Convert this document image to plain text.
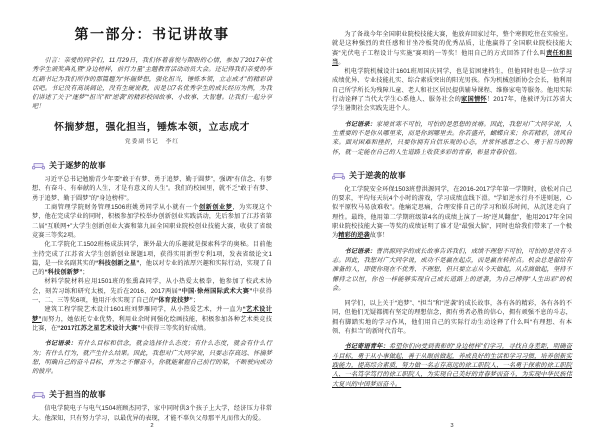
第一部分：书记讲故事
引言：亲爱的同学们，11月29日，我们怀着喜悦与期盼的心情，参加了2017年优秀学生颁奖典礼暨“身边榜样，前行力量”主题教育活动动员大会。还记得我们亲爱的李红副书记为我们所作的那篇题为“怀揣梦想，强化担当，锤炼本领，立志成才”的精彩讲话吧。书记没有高谈阔论，没有生硬说教，而是以7名优秀学生的成长经历为例，为我们讲述了关于“逐梦”“担当”和“逆袭”的精彩校园故事、小故事、大智慧。让我们一起分享吧！
怀揣梦想，强化担当，锤炼本领，立志成才
党委副书记　李红
关于逐梦的故事
习近平总书记勉励青少年要“敢于有梦、勇于追梦、勤于圆梦”，强调“有信念、有梦想、有奋斗、有奉献的人生，才是有意义的人生”。我们的校园里，就不乏“敢于有梦、勇于追梦、勤于圆梦”的“身边榜样”。
工商管理学院财务管理1506班姚勇同学从小就有一个创新创业梦，为实现这个梦，他在完成学业的同时，积极参加学校举办创新创业实践活动，先后参加了江苏省第二届“互联网+”大学生创新创业大赛和第九届全国职业院校创业技能大赛，收获了省级竞赛三等奖2项。
化工学院化工1502班杨成法同学，课外最大的乐趣就是探索科学的奥秘。目前他主持完成了江苏省大学生创新创业课题1项，获得实用新型专利1项，发表省级论文1篇，是一位名副其实的“科技创新之星”，他以对专业的浓厚兴趣和实际行动，实现了自己的“科技创新梦”；
材料学院材料应用1501班的张熏森同学，从小热爱太极拳，他参加了校武术协会，刻苦习练和研究太极，先后在2016、2017两届“中国·徐州国际武术大赛”中获得一、二、三等奖6项，他用汗水实现了自己的“体育竞技梦”；
建筑工程学院艺术设计1601班刘梦雁同学，从小热爱艺术，并一直为“艺术设计梦”而努力，她依托专业优势，利用业余时间强化绘画技能，积极参加各种艺术类竞技比赛，在“2017江苏之星艺术设计大赛”中获得三等奖的好成绩。
书记语录：有什么目标和信念，就会选择什么态度；有什么态度，就会有什么行为；有什么行为，就产生什么结果。因此，我想对广大同学说，只要志存高远、怀揣梦想，明确自己的奋斗目标，并为之不懈奋斗，你就能紧握自己前行的桨，不断驶向成功的彼岸。
关于担当的故事
信电学院电子与电气1504班顾杰同学，家中同时供3个孩子上大学，经济压力非常大。他深知，只有努力学习，以最优异的表现，才能不辜负父母那平凡而伟大的爱。
2
为了备战今年全国职业院校技能大赛，他放弃回家过年，整个寒假吃住在实验室。就是这种强烈的责任感和甘坐冷板凳的优秀品质，让他赢得了全国职业院校技能大赛“光伏电子工程设计与实施”赛项的一等奖！他用自己的方式回答了什么叫责任和担当。
机电学院机械设计1601班周国庆同学，也是贫困建档生，但他同时也是一位学习成绩优异、专业技能扎实、综合素质突出的阳光男孩。作为机械创新协会会长，他利用自己所学所长为残障儿童、老人和社区居民提供辅导课程、维修家电等服务。他用实际行动诠释了当代大学生心系他人、服务社会的家国情怀！2017年，他被评为江苏省大学生暑期社会实践先进个人。
书记语录：家境贫寒不可怕，可怕的是思想的贫瘠。因此，我想对广大同学说，人生重要的不是你从哪里来，而是你到哪里去。你若盛开，蝴蝶自来；你若精彩，清风自来。面对困难和挫折，只要你拥有自信乐观的心态，并常怀感恩之心、勇于担当的胸怀，就一定能在自己的人生道路上收获多彩的青春，彰显青春价值。
关于逆袭的故事
化工学院安全环保1503班曹洪源同学，在2016-2017学年第一学期时，放松对自己的要求，平均每天玩4个小时的游戏，学习成绩直线下滑。“学如逆水行舟不进则退，心似平原牧马易放难收”。他痛定思痛，合理安排自己的学习和娱乐时间，从沉迷走向了理性。最终，他用第二学期班级第4名的成绩上演了一场“逆风翻盘”，他用2017年全国职业院校技能大赛一等奖的成绩证明了谁才是“最强大脑”，同时也给我们带来了一个极为精彩的逆袭故事！
书记语录：曹洪源同学的成长故事告诉我们，成绩不理想不可怕，可怕的是没有斗志。因此，我想对广大同学说，成功不是赢在起点，而是赢在转折点。机会总是留给有准备的人，即使你现在不优秀、不理想，但只要立志从今天做起，从点滴做起，坚持不懈持之以恒，你也一样能够实现自己成长道路上的逆袭，为自己搏得“人生出彩”的机会。
同学们，以上关于“追梦”、“担当”和“逆袭”的成长故事，各有各的精彩，各有各的不同，但他们无疑都拥有坚定的理想信念，拥有勇者必胜的信心，拥有顽强不息的斗志，拥有脚踏实地的学习作风，他们用自己的实际行动生动诠释了什么叫“有理想、有本领、有担当”的新时代青年。
书记寄语青年：希望你们向受到表彰的“身边榜样”们学习，寻找自身差距，明确奋斗目标，勇于从小事做起，善于从眼前做起，养成良好的生活和学习习惯，培养创新实践能力，提高综合素质，努力做一名志存高远的徐工职院人、一名勇于探索的徐工职院人、一名笃学笃行的徐工职院人，为实现自己美好的青春梦而奋斗，为实现中华民族伟大复兴的中国梦而奋斗。
3
